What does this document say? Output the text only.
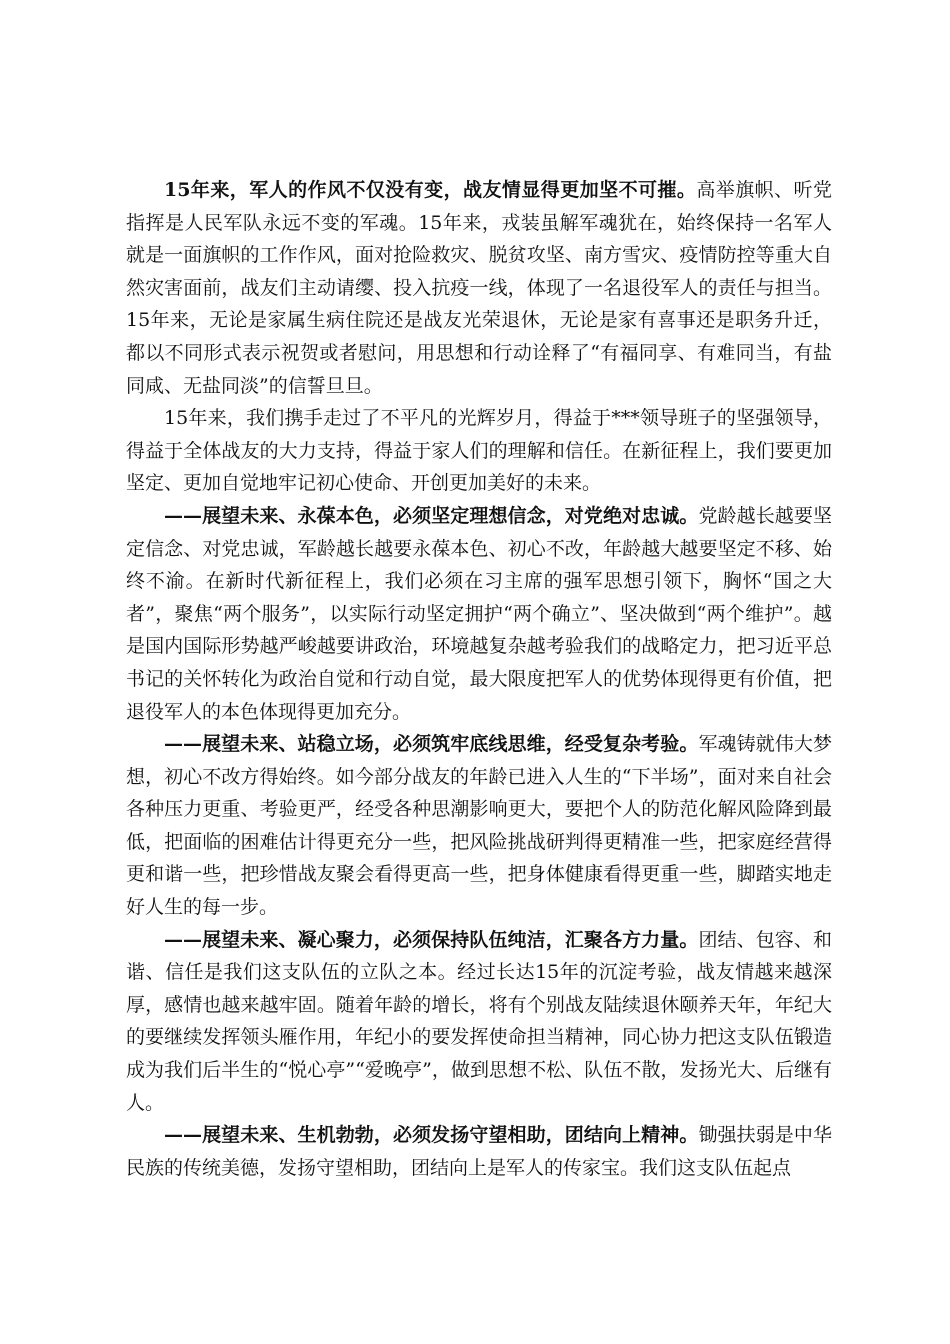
15年来，军人的作风不仅没有变，战友情显得更加坚不可摧。高举旗帜、听党指挥是人民军队永远不变的军魂。15年来，戎装虽解军魂犹在，始终保持一名军人就是一面旗帜的工作作风，面对抢险救灾、脱贫攻坚、南方雪灾、疫情防控等重大自然灾害面前，战友们主动请缨、投入抗疫一线，体现了一名退役军人的责任与担当。15年来，无论是家属生病住院还是战友光荣退休，无论是家有喜事还是职务升迁，都以不同形式表示祝贺或者慰问，用思想和行动诠释了“有福同享、有难同当，有盐同咸、无盐同淡”的信誓旦旦。

15年来，我们携手走过了不平凡的光辉岁月，得益于***领导班子的坚强领导，得益于全体战友的大力支持，得益于家人们的理解和信任。在新征程上，我们要更加坚定、更加自觉地牢记初心使命、开创更加美好的未来。

——展望未来、永葆本色，必须坚定理想信念，对党绝对忠诚。党龄越长越要坚定信念、对党忠诚，军龄越长越要永葆本色、初心不改，年龄越大越要坚定不移、始终不渝。在新时代新征程上，我们必须在习主席的强军思想引领下，胸怀“国之大者”，聚焦“两个服务”，以实际行动坚定拥护“两个确立”、坚决做到“两个维护”。越是国内国际形势越严峻越要讲政治，环境越复杂越考验我们的战略定力，把习近平总书记的关怀转化为政治自觉和行动自觉，最大限度把军人的优势体现得更有价值，把退役军人的本色体现得更加充分。

——展望未来、站稳立场，必须筑牢底线思维，经受复杂考验。军魂铸就伟大梦想，初心不改方得始终。如今部分战友的年龄已进入人生的“下半场”，面对来自社会各种压力更重、考验更严，经受各种思潮影响更大，要把个人的防范化解风险降到最低，把面临的困难估计得更充分一些，把风险挑战研判得更精准一些，把家庭经营得更和谐一些，把珍惜战友聚会看得更高一些，把身体健康看得更重一些，脚踏实地走好人生的每一步。

——展望未来、凝心聚力，必须保持队伍纯洁，汇聚各方力量。团结、包容、和谐、信任是我们这支队伍的立队之本。经过长达15年的沉淀考验，战友情越来越深厚，感情也越来越牢固。随着年龄的增长，将有个别战友陆续退休颐养天年，年纪大的要继续发挥领头雁作用，年纪小的要发挥使命担当精神，同心协力把这支队伍锻造成为我们后半生的“悦心亭”“爱晚亭”，做到思想不松、队伍不散，发扬光大、后继有人。

——展望未来、生机勃勃，必须发扬守望相助，团结向上精神。锄强扶弱是中华民族的传统美德，发扬守望相助，团结向上是军人的传家宝。我们这支队伍起点
